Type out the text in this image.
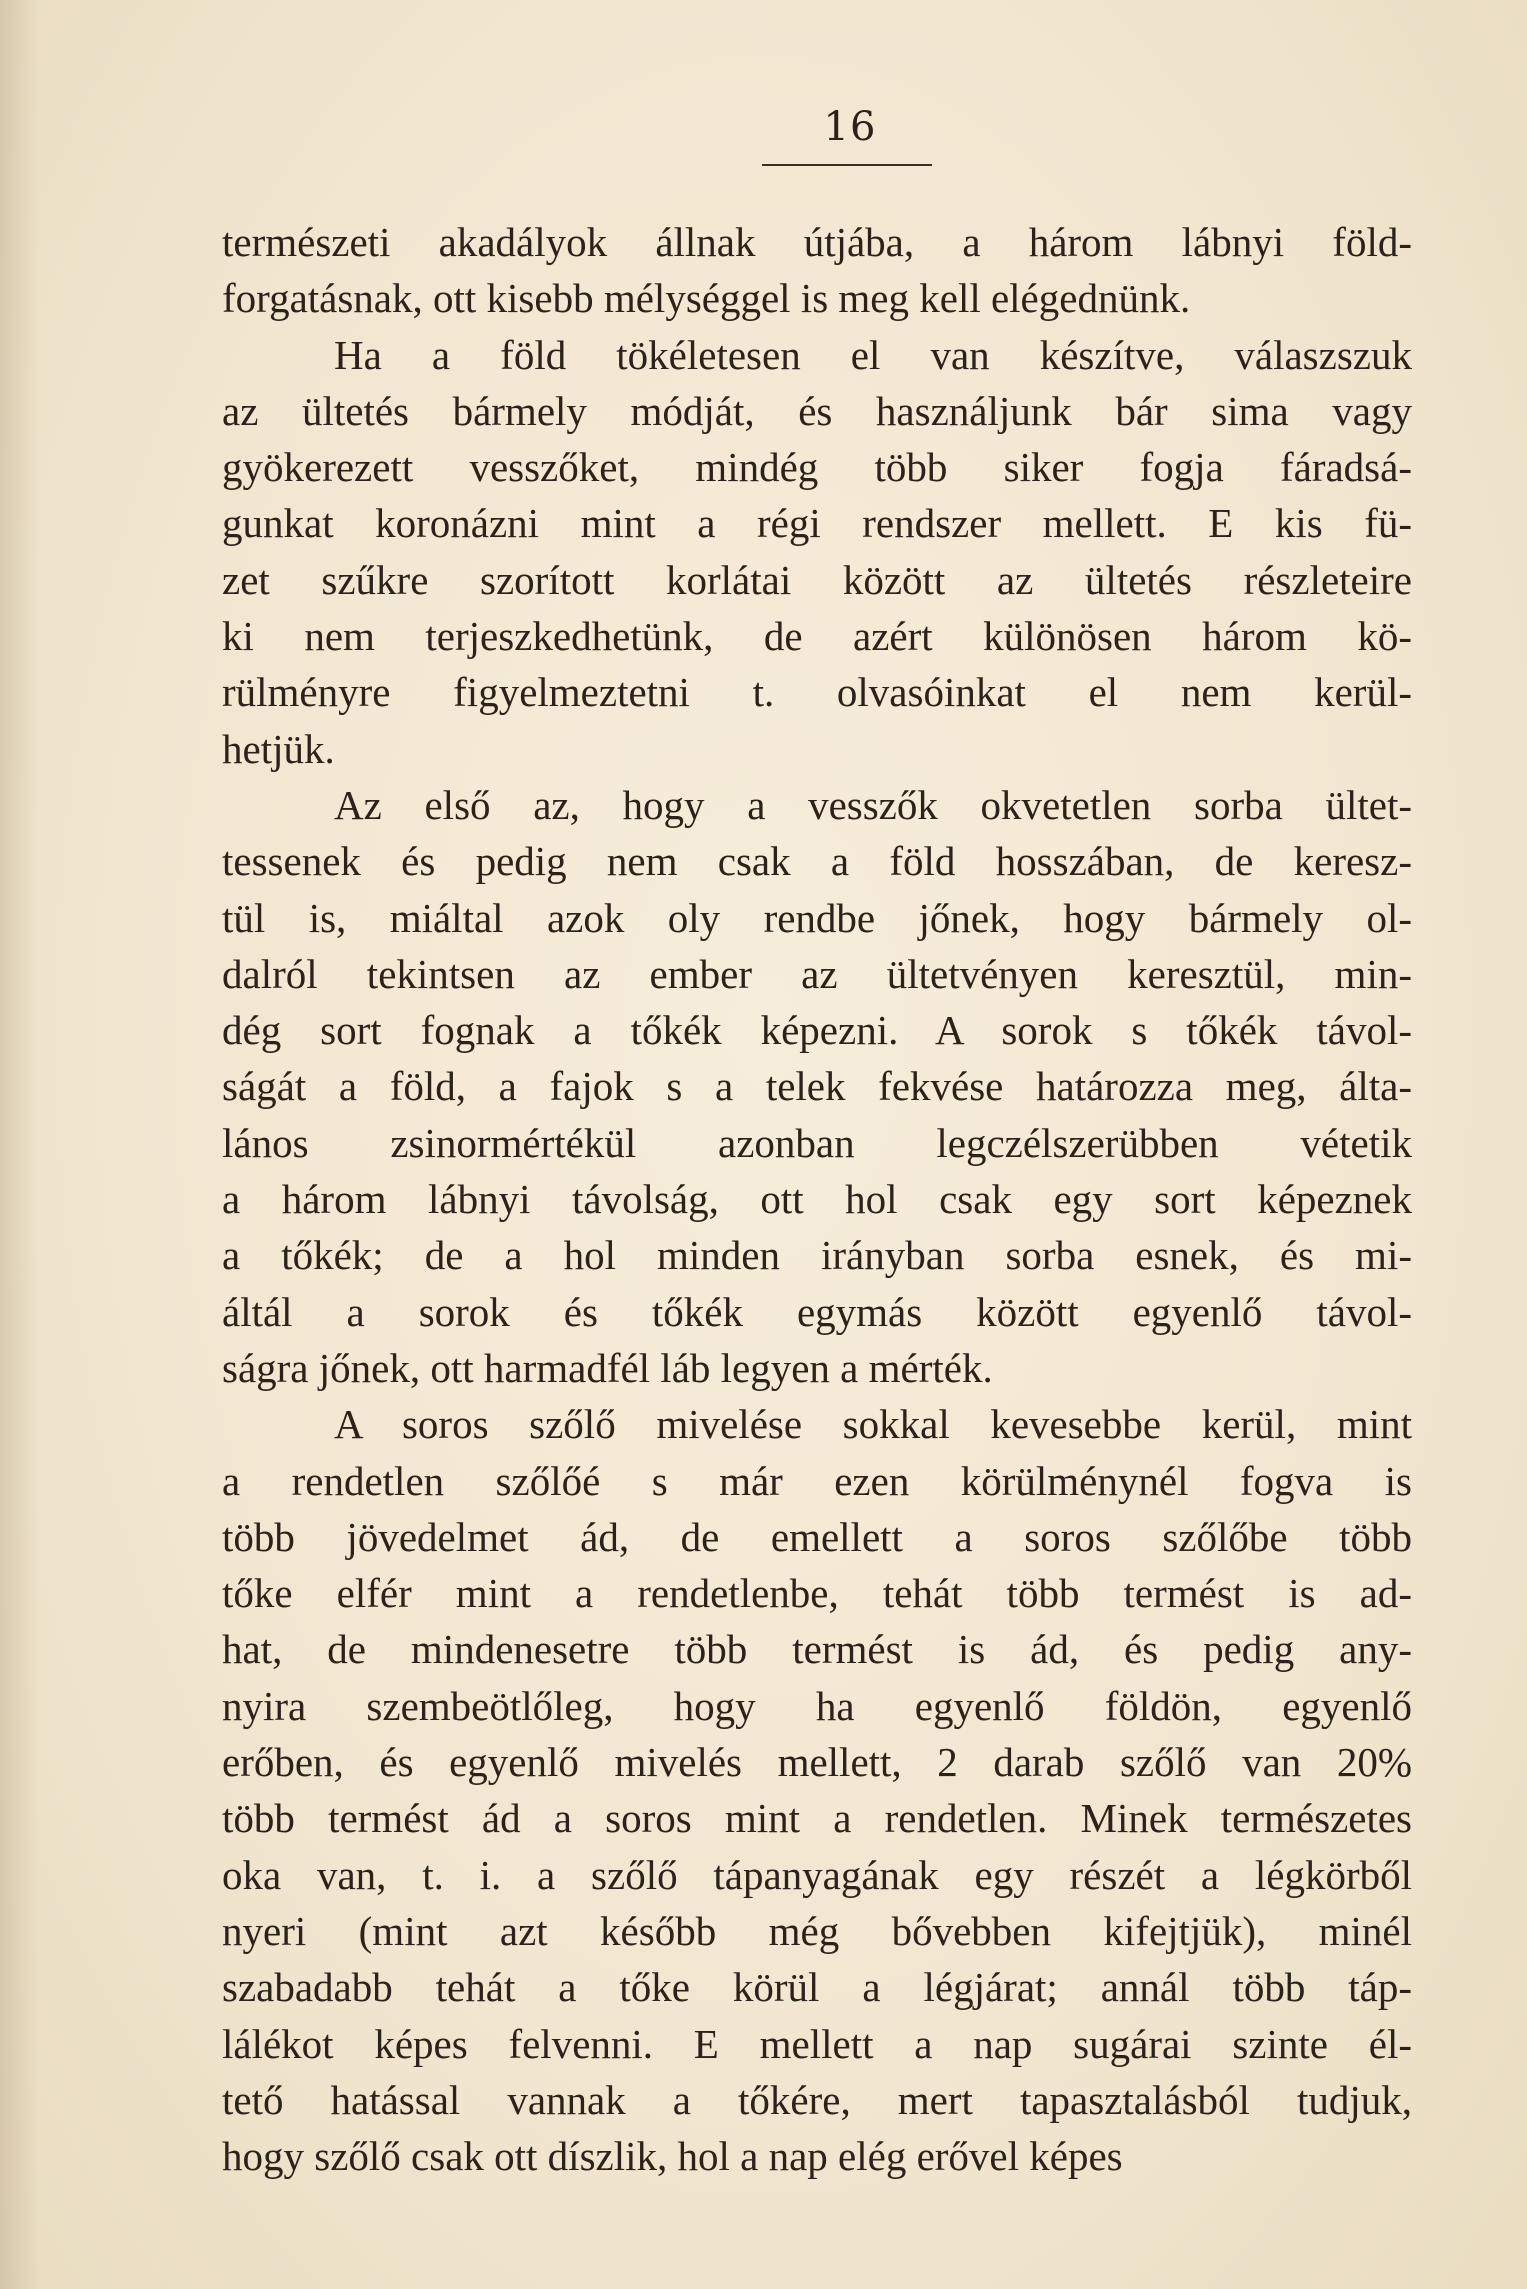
16
természeti akadályok állnak útjába, a három lábnyi föld-
forgatásnak, ott kisebb mélységgel is meg kell elégednünk.
Ha a föld tökéletesen el van készítve, válaszszuk
az ültetés bármely módját, és használjunk bár sima vagy
gyökerezett vesszőket, mindég több siker fogja fáradsá-
gunkat koronázni mint a régi rendszer mellett. E kis fü-
zet szűkre szorított korlátai között az ültetés részleteire
ki nem terjeszkedhetünk, de azért különösen három kö-
rülményre figyelmeztetni t. olvasóinkat el nem kerül-
hetjük.
Az első az, hogy a vesszők okvetetlen sorba ültet-
tessenek és pedig nem csak a föld hosszában, de keresz-
tül is, miáltal azok oly rendbe jőnek, hogy bármely ol-
dalról tekintsen az ember az ültetvényen keresztül, min-
dég sort fognak a tőkék képezni. A sorok s tőkék távol-
ságát a föld, a fajok s a telek fekvése határozza meg, álta-
lános zsinormértékül azonban legczélszerübben vétetik
a három lábnyi távolság, ott hol csak egy sort képeznek
a tőkék; de a hol minden irányban sorba esnek, és mi-
áltál a sorok és tőkék egymás között egyenlő távol-
ságra jőnek, ott harmadfél láb legyen a mérték.
A soros szőlő mivelése sokkal kevesebbe kerül, mint
a rendetlen szőlőé s már ezen körülménynél fogva is
több jövedelmet ád, de emellett a soros szőlőbe több
tőke elfér mint a rendetlenbe, tehát több termést is ad-
hat, de mindenesetre több termést is ád, és pedig any-
nyira szembeötlőleg, hogy ha egyenlő földön, egyenlő
erőben, és egyenlő mivelés mellett, 2 darab szőlő van 20%
több termést ád a soros mint a rendetlen. Minek természetes
oka van, t. i. a szőlő tápanyagának egy részét a légkörből
nyeri (mint azt később még bővebben kifejtjük), minél
szabadabb tehát a tőke körül a légjárat; annál több táp-
lálékot képes felvenni. E mellett a nap sugárai szinte él-
tető hatással vannak a tőkére, mert tapasztalásból tudjuk,
hogy szőlő csak ott díszlik, hol a nap elég erővel képes
